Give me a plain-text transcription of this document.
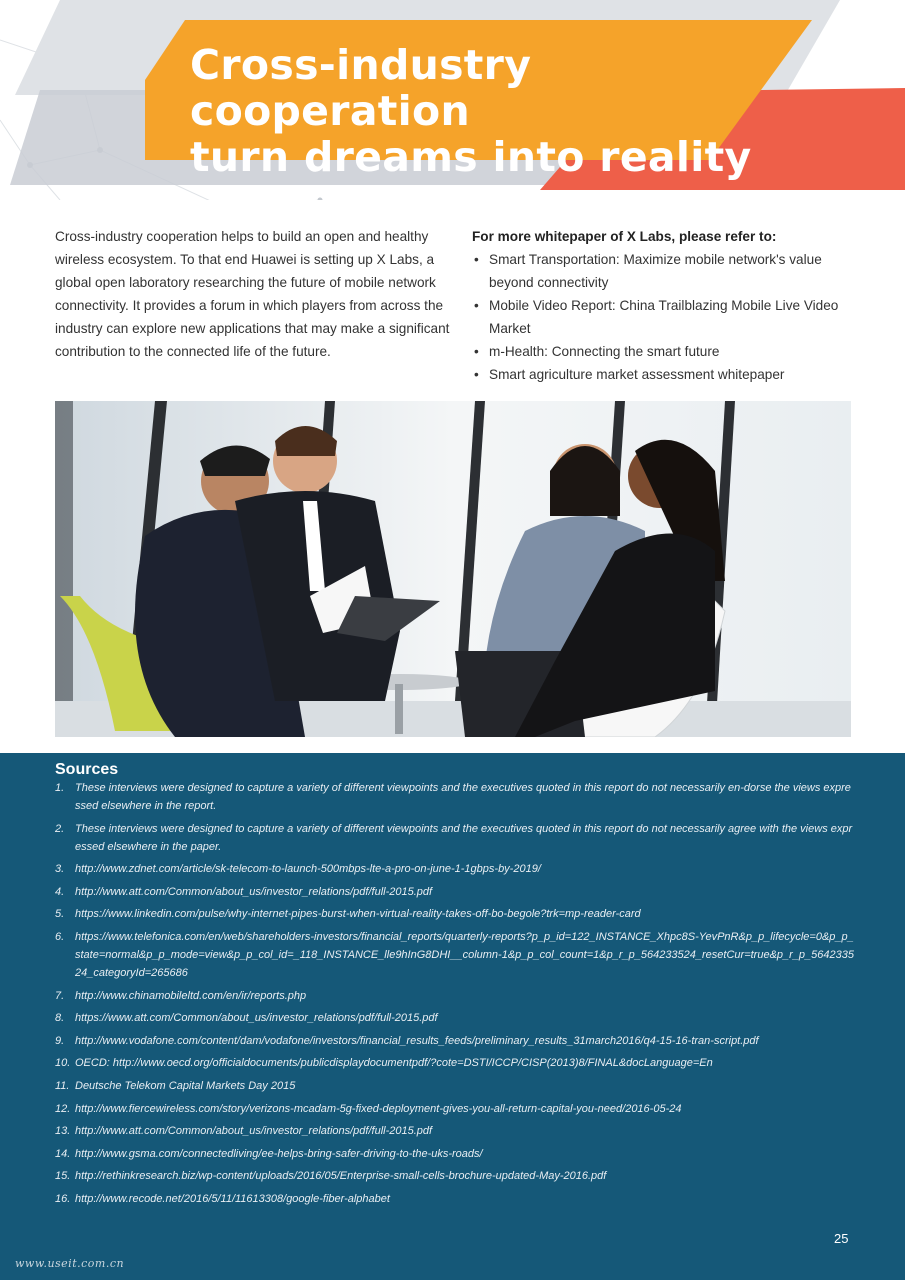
Cross-industry cooperation
turn dreams into reality

Cross-industry cooperation helps to build an open and healthy wireless ecosystem. To that end Huawei is setting up X Labs, a global open laboratory researching the future of mobile network connectivity. It provides a forum in which players from across the industry can explore new applications that may make a significant contribution to the connected life of the future.

For more whitepaper of X Labs, please refer to:

• Smart Transportation: Maximize mobile network's value beyond connectivity
• Mobile Video Report: China Trailblazing Mobile Live Video Market
• m-Health: Connecting the smart future
• Smart agriculture market assessment whitepaper
Sources
1. These interviews were designed to capture a variety of different viewpoints and the executives quoted in this report do not necessarily en-dorse the views expressed elsewhere in the report.
2. These interviews were designed to capture a variety of different viewpoints and the executives quoted in this report do not necessarily agree with the views expressed elsewhere in the paper.
3. http://www.zdnet.com/article/sk-telecom-to-launch-500mbps-lte-a-pro-on-june-1-1gbps-by-2019/
4. http://www.att.com/Common/about_us/investor_relations/pdf/full-2015.pdf
5. https://www.linkedin.com/pulse/why-internet-pipes-burst-when-virtual-reality-takes-off-bo-begole?trk=mp-reader-card
6. https://www.telefonica.com/en/web/shareholders-investors/financial_reports/quarterly-reports?p_p_id=122_INSTANCE_Xhpc8S-YevPnR&p_p_lifecycle=0&p_p_state=normal&p_p_mode=view&p_p_col_id=_118_INSTANCE_lle9hInG8DHI__column-1&p_p_col_count=1&p_r_p_564233524_resetCur=true&p_r_p_564233524_categoryId=265686
7. http://www.chinamobileltd.com/en/ir/reports.php
8. https://www.att.com/Common/about_us/investor_relations/pdf/full-2015.pdf
9. http://www.vodafone.com/content/dam/vodafone/investors/financial_results_feeds/preliminary_results_31march2016/q4-15-16-tran-script.pdf
10. OECD: http://www.oecd.org/officialdocuments/publicdisplaydocumentpdf/?cote=DSTI/ICCP/CISP(2013)8/FINAL&docLanguage=En
11. Deutsche Telekom Capital Markets Day 2015
12. http://www.fiercewireless.com/story/verizons-mcadam-5g-fixed-deployment-gives-you-all-return-capital-you-need/2016-05-24
13. http://www.att.com/Common/about_us/investor_relations/pdf/full-2015.pdf
14. http://www.gsma.com/connectedliving/ee-helps-bring-safer-driving-to-the-uks-roads/
15. http://rethinkresearch.biz/wp-content/uploads/2016/05/Enterprise-small-cells-brochure-updated-May-2016.pdf
16. http://www.recode.net/2016/5/11/11613308/google-fiber-alphabet
25
www.useit.com.cn
